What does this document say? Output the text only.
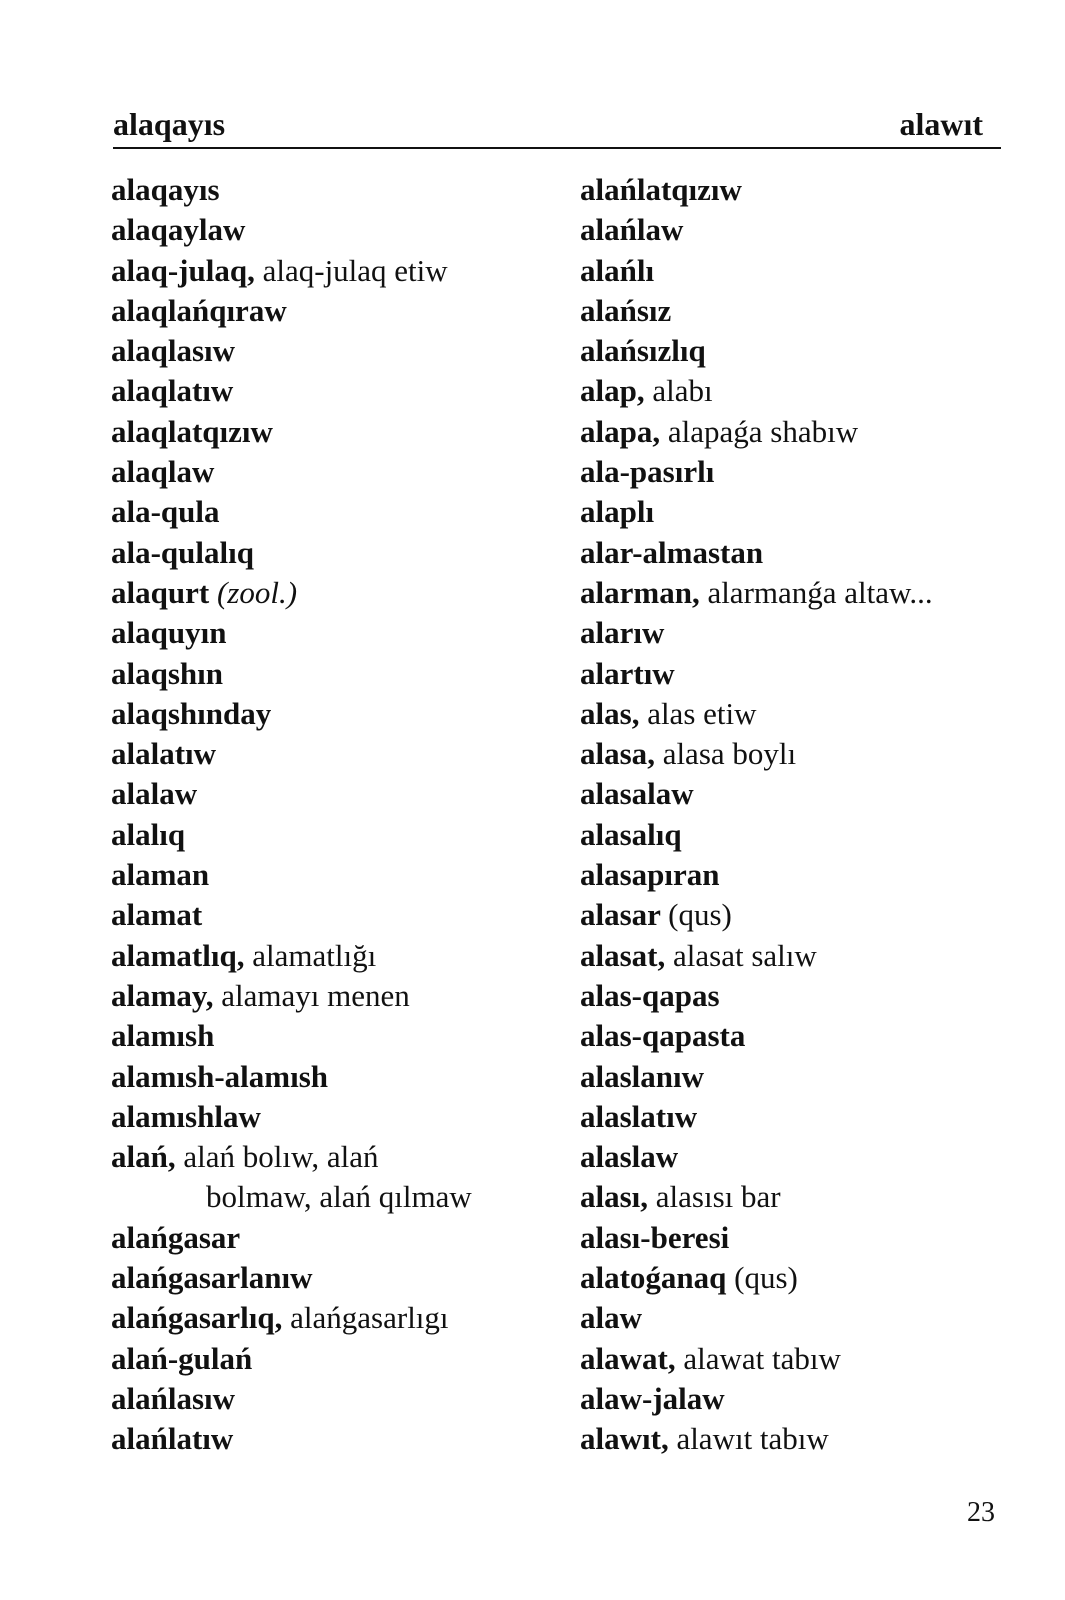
alaqayıs	alawıt
alaqayıs
alaqaylaw
alaq-julaq, alaq-julaq etiw
alaqlańqıraw
alaqlasıw
alaqlatıw
alaqlatqızıw
alaqlaw
ala-qula
ala-qulalıq
alaqurt (zool.)
alaquyın
alaqshın
alaqshınday
alalatıw
alalaw
alalıq
alaman
alamat
alamatlıq, alamatlığı
alamay, alamayı menen
alamısh
alamısh-alamısh
alamıshlaw
alań, alań bolıw, alań
bolmaw, alań qılmaw
alańgasar
alańgasarlanıw
alańgasarlıq, alańgasarlıgı
alań-gulań
alańlasıw
alańlatıw
alańlatqızıw
alańlaw
alańlı
alańsız
alańsızlıq
alap, alabı
alapa, alapaǵa shabıw
ala-pasırlı
alaplı
alar-almastan
alarman, alarmanǵa altaw...
alarıw
alartıw
alas, alas etiw
alasa, alasa boylı
alasalaw
alasalıq
alasapıran
alasar (qus)
alasat, alasat salıw
alas-qapas
alas-qapasta
alaslanıw
alaslatıw
alaslaw
alası, alasısı bar
alası-beresi
alatoǵanaq (qus)
alaw
alawat, alawat tabıw
alaw-jalaw
alawıt, alawıt tabıw
23
